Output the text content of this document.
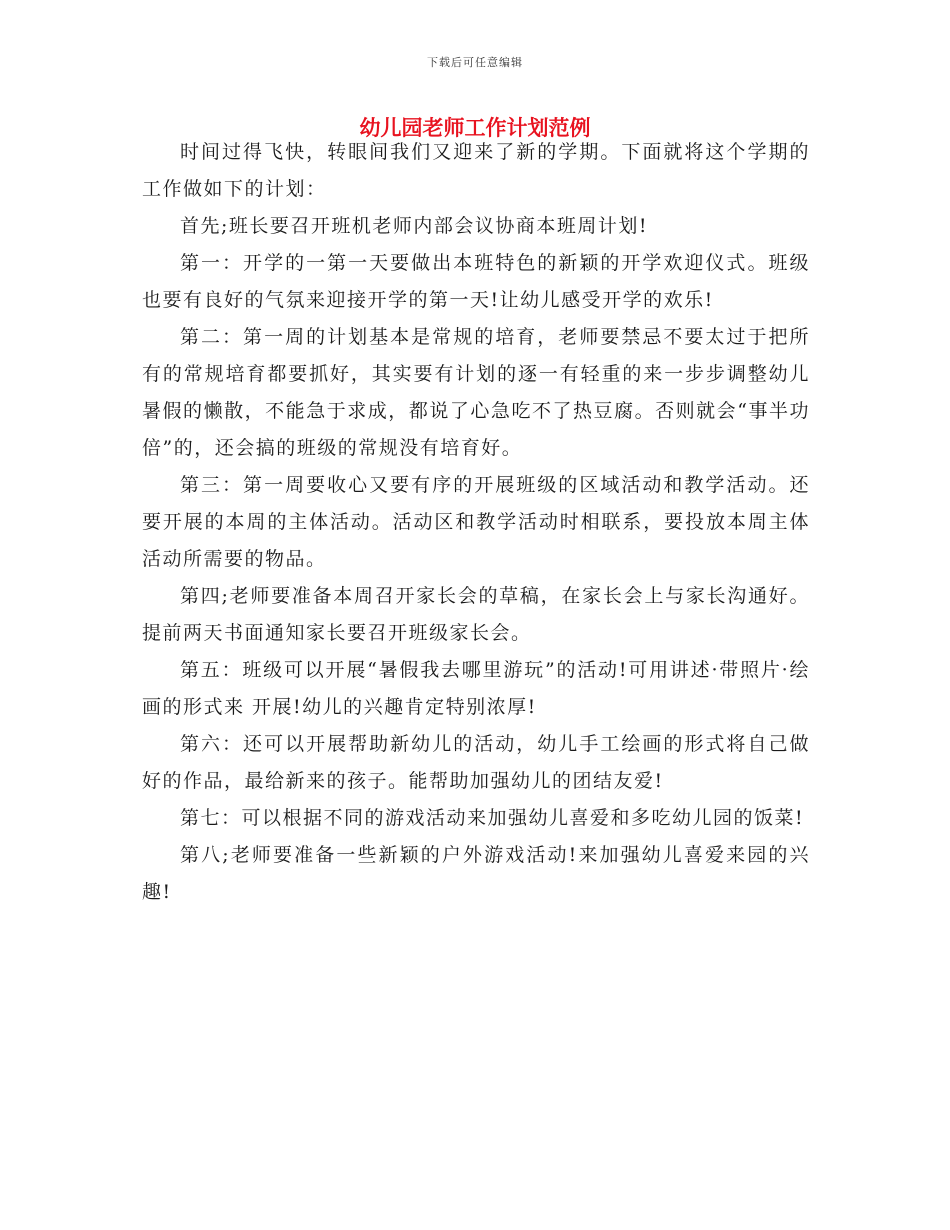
下载后可任意编辑
幼儿园老师工作计划范例

时间过得飞快，转眼间我们又迎来了新的学期。下面就将这个学期的工作做如下的计划：

首先;班长要召开班机老师内部会议协商本班周计划!

第一：开学的一第一天要做出本班特色的新颖的开学欢迎仪式。班级也要有良好的气氛来迎接开学的第一天!让幼儿感受开学的欢乐!

第二：第一周的计划基本是常规的培育，老师要禁忌不要太过于把所有的常规培育都要抓好，其实要有计划的逐一有轻重的来一步步调整幼儿暑假的懒散，不能急于求成，都说了心急吃不了热豆腐。否则就会“事半功倍”的，还会搞的班级的常规没有培育好。

第三：第一周要收心又要有序的开展班级的区域活动和教学活动。还要开展的本周的主体活动。活动区和教学活动时相联系，要投放本周主体活动所需要的物品。

第四;老师要准备本周召开家长会的草稿，在家长会上与家长沟通好。提前两天书面通知家长要召开班级家长会。

第五：班级可以开展“暑假我去哪里游玩”的活动!可用讲述·带照片·绘画的形式来 开展!幼儿的兴趣肯定特别浓厚!

第六：还可以开展帮助新幼儿的活动，幼儿手工绘画的形式将自己做好的作品，最给新来的孩子。能帮助加强幼儿的团结友爱!

第七：可以根据不同的游戏活动来加强幼儿喜爱和多吃幼儿园的饭菜!

第八;老师要准备一些新颖的户外游戏活动!来加强幼儿喜爱来园的兴趣!
